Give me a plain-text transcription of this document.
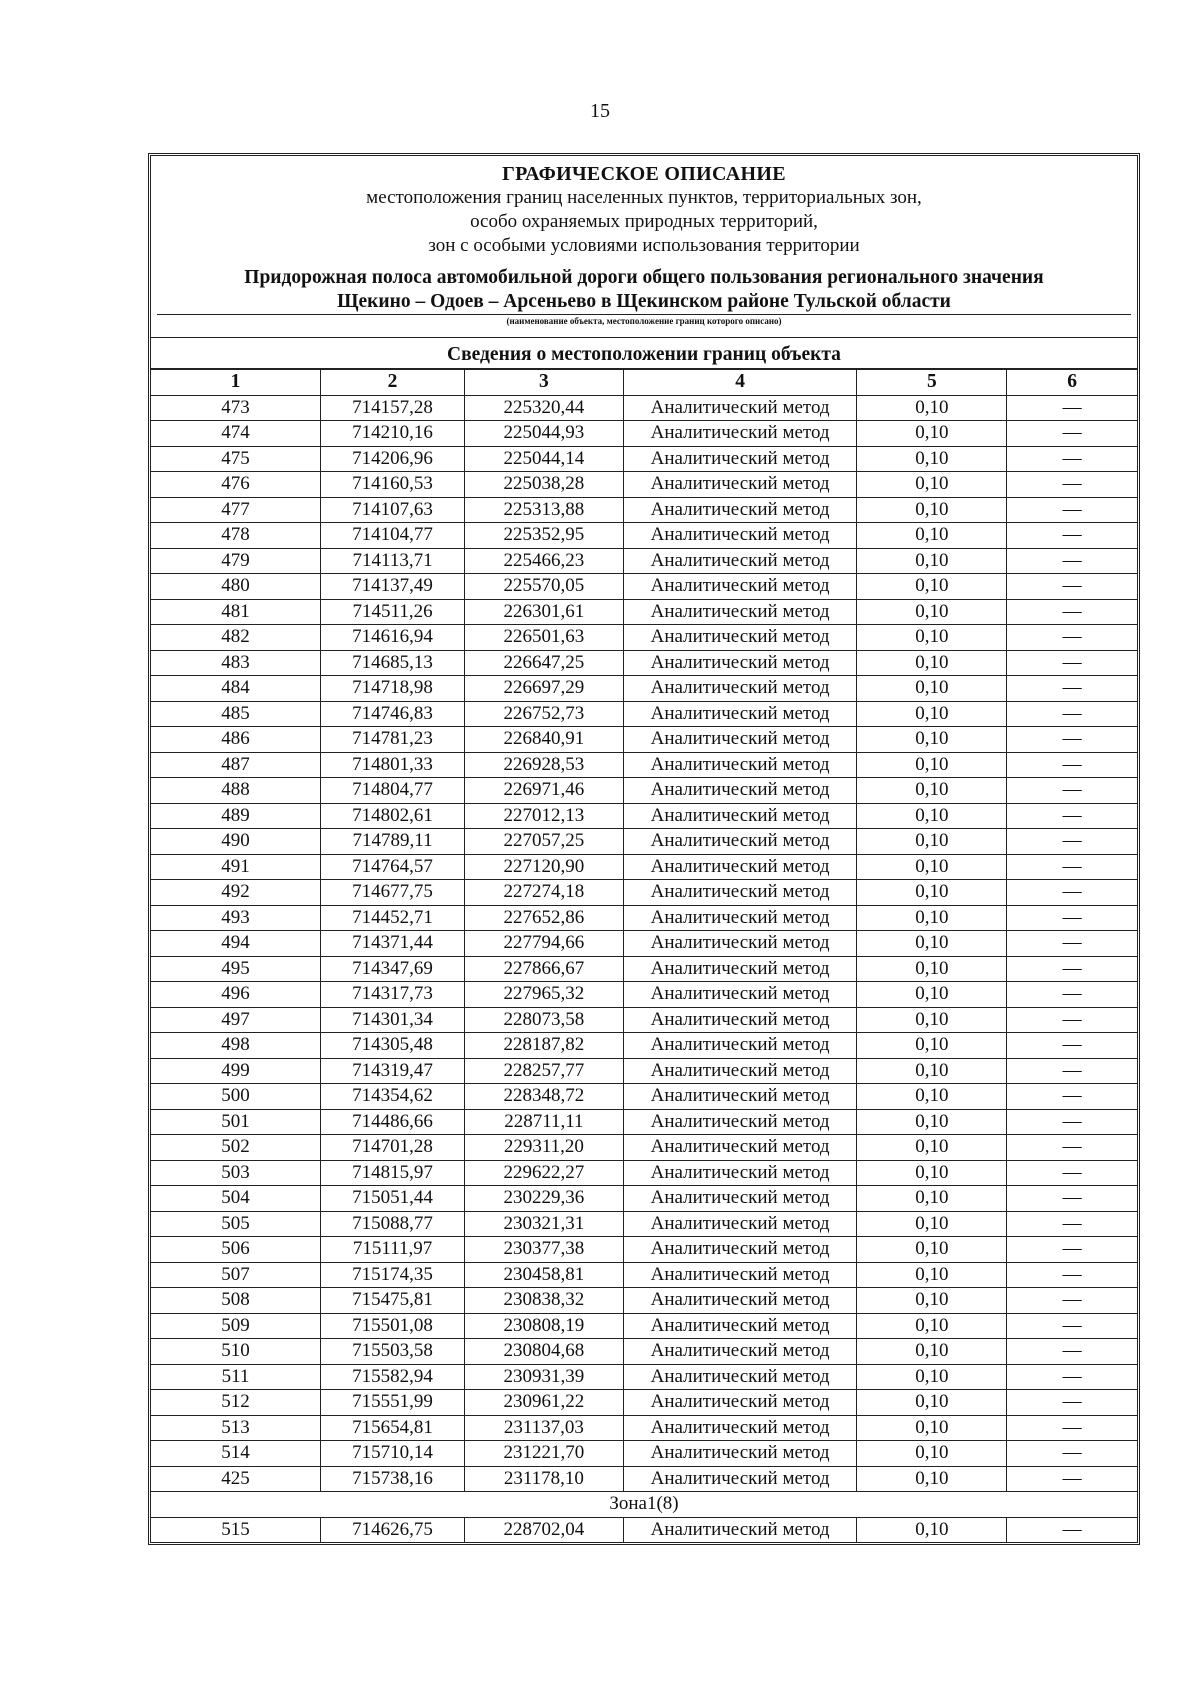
15
ГРАФИЧЕСКОЕ ОПИСАНИЕ
местоположения границ населенных пунктов, территориальных зон,
особо охраняемых природных территорий,
зон с особыми условиями использования территории
Придорожная полоса автомобильной дороги общего пользования регионального значения
Щекино – Одоев – Арсеньево в Щекинском районе Тульской области
(наименование объекта, местоположение границ которого описано)
Сведения о местоположении границ объекта
1	2	3	4	5	6
473	714157,28	225320,44	Аналитический метод	0,10	—
474	714210,16	225044,93	Аналитический метод	0,10	—
475	714206,96	225044,14	Аналитический метод	0,10	—
476	714160,53	225038,28	Аналитический метод	0,10	—
477	714107,63	225313,88	Аналитический метод	0,10	—
478	714104,77	225352,95	Аналитический метод	0,10	—
479	714113,71	225466,23	Аналитический метод	0,10	—
480	714137,49	225570,05	Аналитический метод	0,10	—
481	714511,26	226301,61	Аналитический метод	0,10	—
482	714616,94	226501,63	Аналитический метод	0,10	—
483	714685,13	226647,25	Аналитический метод	0,10	—
484	714718,98	226697,29	Аналитический метод	0,10	—
485	714746,83	226752,73	Аналитический метод	0,10	—
486	714781,23	226840,91	Аналитический метод	0,10	—
487	714801,33	226928,53	Аналитический метод	0,10	—
488	714804,77	226971,46	Аналитический метод	0,10	—
489	714802,61	227012,13	Аналитический метод	0,10	—
490	714789,11	227057,25	Аналитический метод	0,10	—
491	714764,57	227120,90	Аналитический метод	0,10	—
492	714677,75	227274,18	Аналитический метод	0,10	—
493	714452,71	227652,86	Аналитический метод	0,10	—
494	714371,44	227794,66	Аналитический метод	0,10	—
495	714347,69	227866,67	Аналитический метод	0,10	—
496	714317,73	227965,32	Аналитический метод	0,10	—
497	714301,34	228073,58	Аналитический метод	0,10	—
498	714305,48	228187,82	Аналитический метод	0,10	—
499	714319,47	228257,77	Аналитический метод	0,10	—
500	714354,62	228348,72	Аналитический метод	0,10	—
501	714486,66	228711,11	Аналитический метод	0,10	—
502	714701,28	229311,20	Аналитический метод	0,10	—
503	714815,97	229622,27	Аналитический метод	0,10	—
504	715051,44	230229,36	Аналитический метод	0,10	—
505	715088,77	230321,31	Аналитический метод	0,10	—
506	715111,97	230377,38	Аналитический метод	0,10	—
507	715174,35	230458,81	Аналитический метод	0,10	—
508	715475,81	230838,32	Аналитический метод	0,10	—
509	715501,08	230808,19	Аналитический метод	0,10	—
510	715503,58	230804,68	Аналитический метод	0,10	—
511	715582,94	230931,39	Аналитический метод	0,10	—
512	715551,99	230961,22	Аналитический метод	0,10	—
513	715654,81	231137,03	Аналитический метод	0,10	—
514	715710,14	231221,70	Аналитический метод	0,10	—
425	715738,16	231178,10	Аналитический метод	0,10	—
Зона1(8)					
515	714626,75	228702,04	Аналитический метод	0,10	—
